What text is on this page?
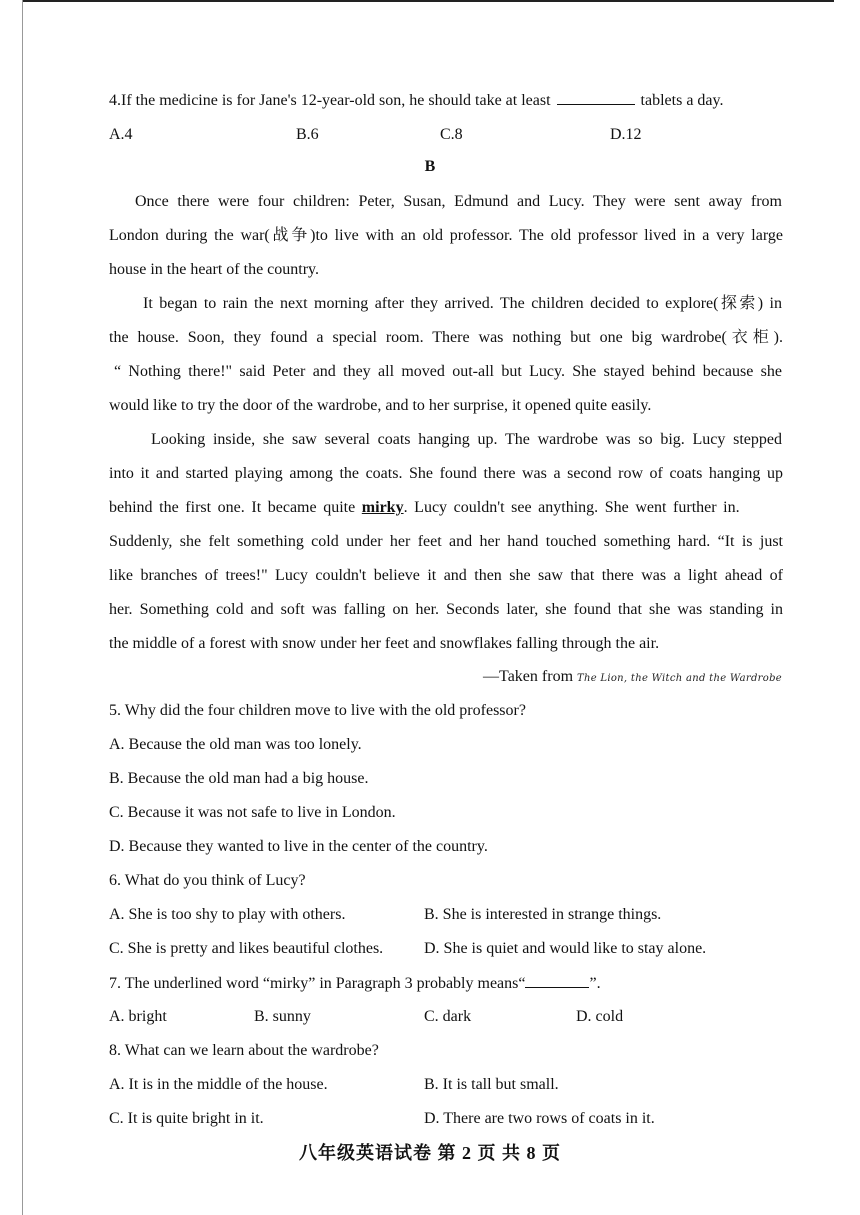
4.If the medicine is for Jane's 12-year-old son, he should take at least	tablets a day.
A.4	B.6	C.8	D.12
B
Once there were four children: Peter, Susan, Edmund and Lucy. They were sent away from
London during the war(战争)to live with an old professor. The old professor lived in a very large
house in the heart of the country.
It began to rain the next morning after they arrived. The children decided to explore(探索) in
the house. Soon, they found a special room. There was nothing but one big wardrobe(衣柜).
“ Nothing there!" said Peter and they all moved out-all but Lucy. She stayed behind because she
would like to try the door of the wardrobe, and to her surprise, it opened quite easily.
Looking inside, she saw several coats hanging up. The wardrobe was so big. Lucy stepped
into it and started playing among the coats. She found there was a second row of coats hanging up
behind the first one. It became quite mirky. Lucy couldn't see anything. She went further in.
Suddenly, she felt something cold under her feet and her hand touched something hard. “It is just
like branches of trees!" Lucy couldn't believe it and then she saw that there was a light ahead of
her. Something cold and soft was falling on her. Seconds later, she found that she was standing in
the middle of a forest with snow under her feet and snowflakes falling through the air.
—Taken from The Lion, the Witch and the Wardrobe
5. Why did the four children move to live with the old professor?
A. Because the old man was too lonely.
B. Because the old man had a big house.
C. Because it was not safe to live in London.
D. Because they wanted to live in the center of the country.
6. What do you think of Lucy?
A. She is too shy to play with others.	B. She is interested in strange things.
C. She is pretty and likes beautiful clothes.	D. She is quiet and would like to stay alone.
7. The underlined word “mirky” in Paragraph 3 probably means“	”.
A. bright	B. sunny	C. dark	D. cold
8. What can we learn about the wardrobe?
A. It is in the middle of the house.	B. It is tall but small.
C. It is quite bright in it.	D. There are two rows of coats in it.
八年级英语试卷 第 2 页 共 8 页
